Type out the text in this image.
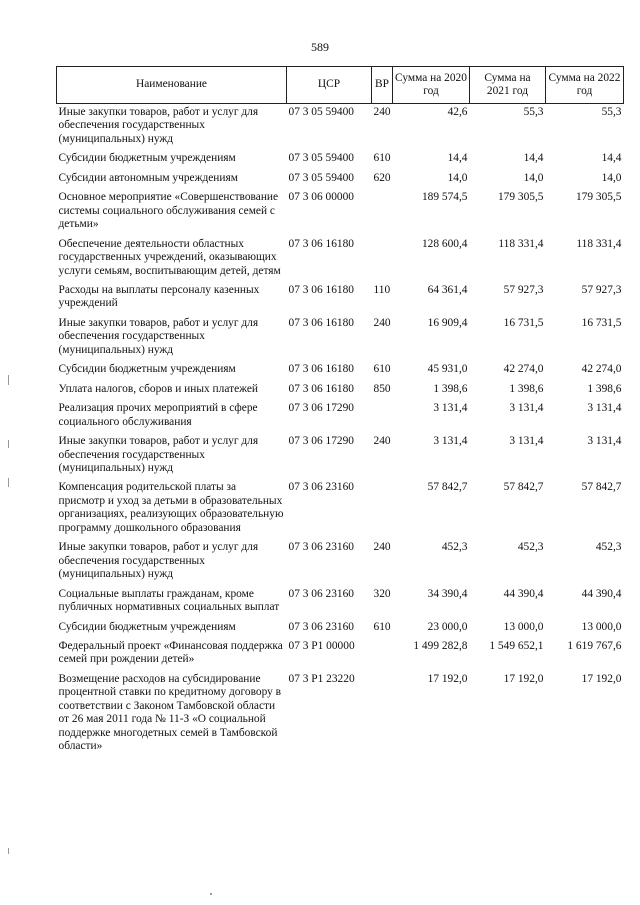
589
Наименование	ЦСР	ВР	Сумма на 2020 год	Сумма на 2021 год	Сумма на 2022 год
Иные закупки товаров, работ и услуг для обеспечения государственных (муниципальных) нужд	07 3 05 59400	240	42,6	55,3	55,3
Субсидии бюджетным учреждениям	07 3 05 59400	610	14,4	14,4	14,4
Субсидии автономным учреждениям	07 3 05 59400	620	14,0	14,0	14,0
Основное мероприятие «Совершенствование системы социального обслуживания семей с детьми»	07 3 06 00000		189 574,5	179 305,5	179 305,5
Обеспечение деятельности областных государственных учреждений, оказывающих услуги семьям, воспитывающим детей, детям	07 3 06 16180		128 600,4	118 331,4	118 331,4
Расходы на выплаты персоналу казенных учреждений	07 3 06 16180	110	64 361,4	57 927,3	57 927,3
Иные закупки товаров, работ и услуг для обеспечения государственных (муниципальных) нужд	07 3 06 16180	240	16 909,4	16 731,5	16 731,5
Субсидии бюджетным учреждениям	07 3 06 16180	610	45 931,0	42 274,0	42 274,0
Уплата налогов, сборов и иных платежей	07 3 06 16180	850	1 398,6	1 398,6	1 398,6
Реализация прочих мероприятий в сфере социального обслуживания	07 3 06 17290		3 131,4	3 131,4	3 131,4
Иные закупки товаров, работ и услуг для обеспечения государственных (муниципальных) нужд	07 3 06 17290	240	3 131,4	3 131,4	3 131,4
Компенсация родительской платы за присмотр и уход за детьми в образовательных организациях, реализующих образовательную программу дошкольного образования	07 3 06 23160		57 842,7	57 842,7	57 842,7
Иные закупки товаров, работ и услуг для обеспечения государственных (муниципальных) нужд	07 3 06 23160	240	452,3	452,3	452,3
Социальные выплаты гражданам, кроме публичных нормативных социальных выплат	07 3 06 23160	320	34 390,4	44 390,4	44 390,4
Субсидии бюджетным учреждениям	07 3 06 23160	610	23 000,0	13 000,0	13 000,0
Федеральный проект «Финансовая поддержка семей при рождении детей»	07 3 P1 00000		1 499 282,8	1 549 652,1	1 619 767,6
Возмещение расходов на субсидирование процентной ставки по кредитному договору в соответствии с Законом Тамбовской области от 26 мая 2011 года № 11-З «О социальной поддержке многодетных семей в Тамбовской области»	07 3 P1 23220		17 192,0	17 192,0	17 192,0
